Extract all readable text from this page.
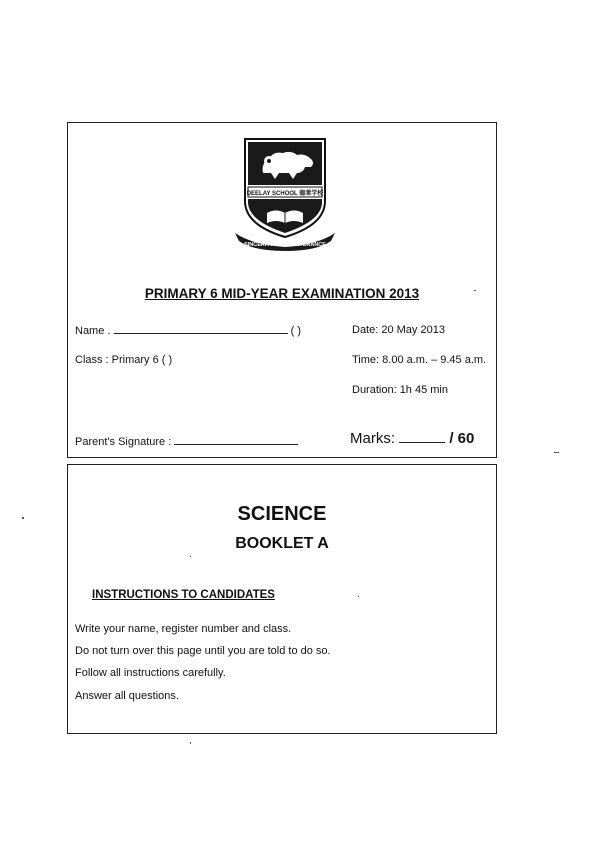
DEELAY SCHOOL 德莱学校
SINCERITY & PERSEVERANCE
PRIMARY 6 MID-YEAR EXAMINATION 2013
Name .	( )	Date: 20 May 2013
Class : Primary 6 ( )	Time: 8.00 a.m. – 9.45 a.m.
Duration: 1h 45 min
Parent's Signature :	Marks:	/ 60
SCIENCE
BOOKLET A
INSTRUCTIONS TO CANDIDATES
Write your name, register number and class.
Do not turn over this page until you are told to do so.
Follow all instructions carefully.
Answer all questions.
